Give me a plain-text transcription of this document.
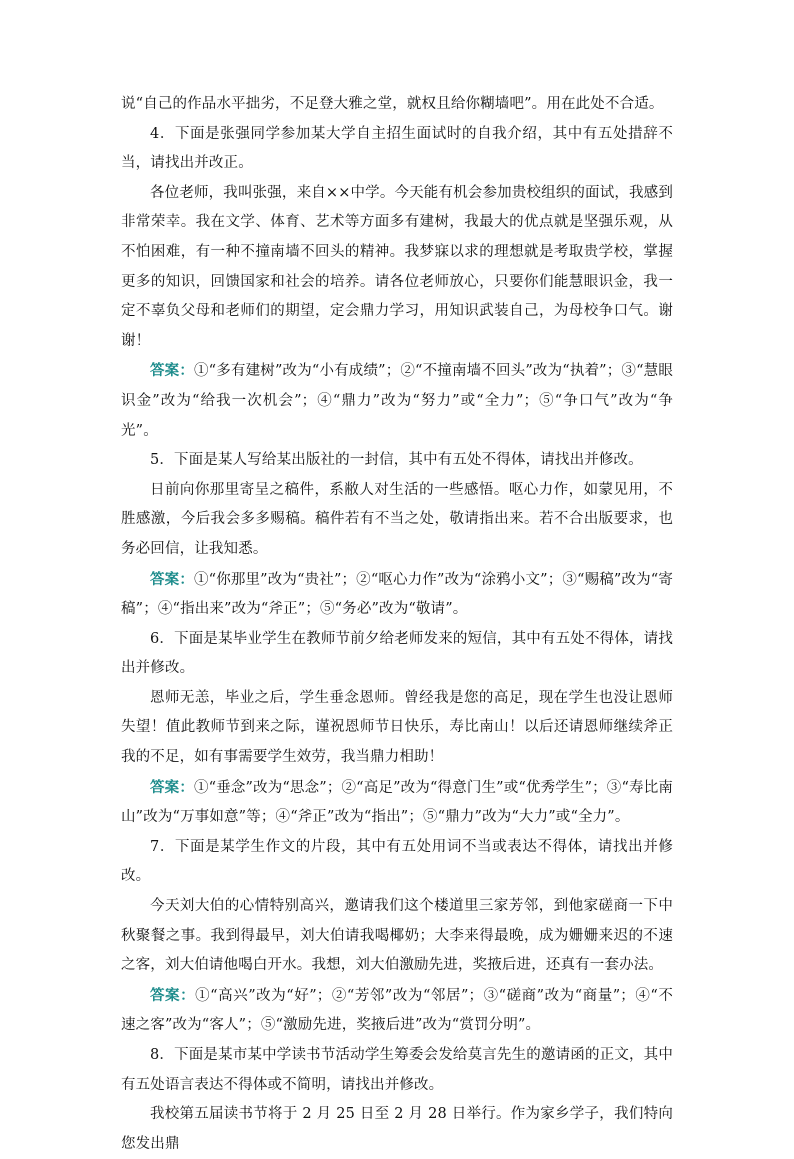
说“自己的作品水平拙劣，不足登大雅之堂，就权且给你糊墙吧”。用在此处不合适。

4．下面是张强同学参加某大学自主招生面试时的自我介绍，其中有五处措辞不当，请找出并改正。

各位老师，我叫张强，来自××中学。今天能有机会参加贵校组织的面试，我感到非常荣幸。我在文学、体育、艺术等方面多有建树，我最大的优点就是坚强乐观，从不怕困难，有一种不撞南墙不回头的精神。我梦寐以求的理想就是考取贵学校，掌握更多的知识，回馈国家和社会的培养。请各位老师放心，只要你们能慧眼识金，我一定不辜负父母和老师们的期望，定会鼎力学习，用知识武装自己，为母校争口气。谢谢！

答案：①“多有建树”改为“小有成绩”；②“不撞南墙不回头”改为“执着”；③“慧眼识金”改为“给我一次机会”；④“鼎力”改为“努力”或“全力”；⑤“争口气”改为“争光”。

5．下面是某人写给某出版社的一封信，其中有五处不得体，请找出并修改。

日前向你那里寄呈之稿件，系敝人对生活的一些感悟。呕心力作，如蒙见用，不胜感激，今后我会多多赐稿。稿件若有不当之处，敬请指出来。若不合出版要求，也务必回信，让我知悉。

答案：①“你那里”改为“贵社”；②“呕心力作”改为“涂鸦小文”；③“赐稿”改为“寄稿”；④“指出来”改为“斧正”；⑤“务必”改为“敬请”。

6．下面是某毕业学生在教师节前夕给老师发来的短信，其中有五处不得体，请找出并修改。

恩师无恙，毕业之后，学生垂念恩师。曾经我是您的高足，现在学生也没让恩师失望！值此教师节到来之际，谨祝恩师节日快乐，寿比南山！以后还请恩师继续斧正我的不足，如有事需要学生效劳，我当鼎力相助！

答案：①“垂念”改为“思念”；②“高足”改为“得意门生”或“优秀学生”；③“寿比南山”改为“万事如意”等；④“斧正”改为“指出”；⑤“鼎力”改为“大力”或“全力”。

7．下面是某学生作文的片段，其中有五处用词不当或表达不得体，请找出并修改。

今天刘大伯的心情特别高兴，邀请我们这个楼道里三家芳邻，到他家磋商一下中秋聚餐之事。我到得最早，刘大伯请我喝椰奶；大李来得最晚，成为姗姗来迟的不速之客，刘大伯请他喝白开水。我想，刘大伯激励先进，奖掖后进，还真有一套办法。

答案：①“高兴”改为“好”；②“芳邻”改为“邻居”；③“磋商”改为“商量”；④“不速之客”改为“客人”；⑤“激励先进，奖掖后进”改为“赏罚分明”。

8．下面是某市某中学读书节活动学生筹委会发给莫言先生的邀请函的正文，其中有五处语言表达不得体或不简明，请找出并修改。

我校第五届读书节将于 2 月 25 日至 2 月 28 日举行。作为家乡学子，我们特向您发出鼎
